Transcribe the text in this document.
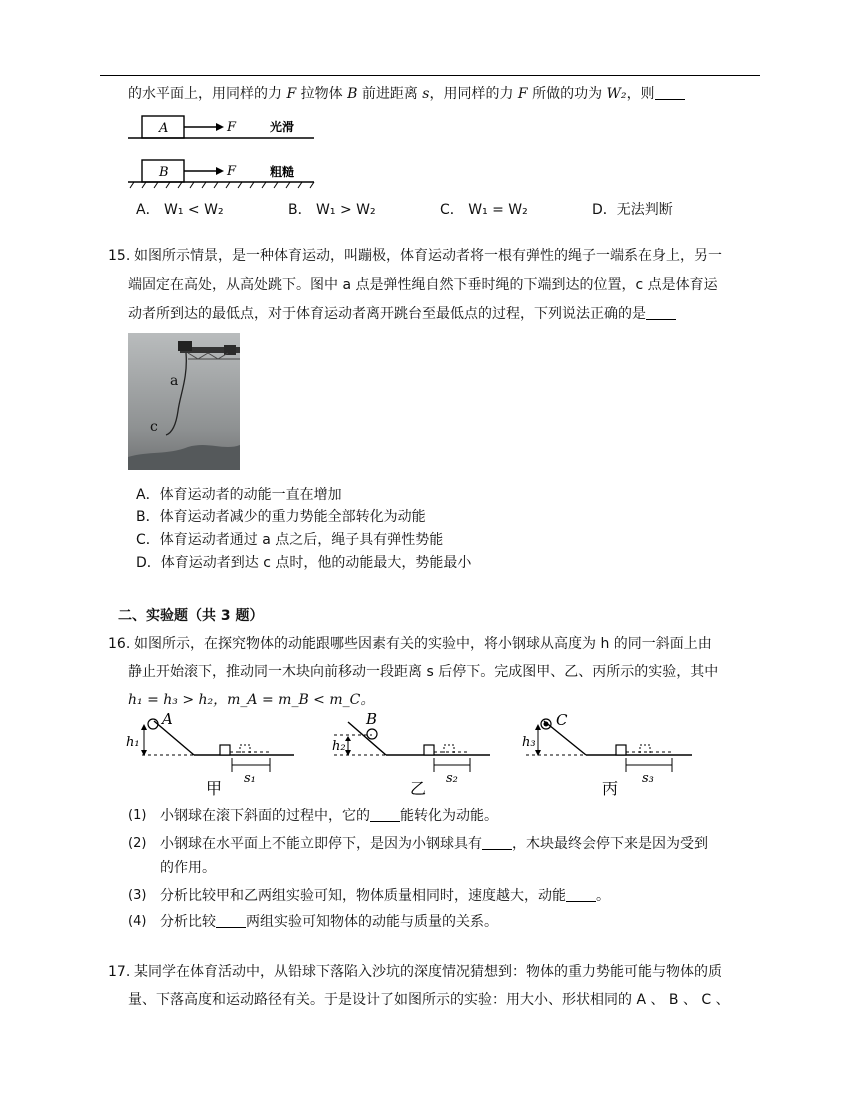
的水平面上，用同样的力 F 拉物体 B 前进距离 s，用同样的力 F 所做的功为 W₂，则
A	F	光滑
B	F	粗糙
A． W₁ < W₂	B． W₁ > W₂	C． W₁ = W₂	D．无法判断
15. 如图所示情景，是一种体育运动，叫蹦极，体育运动者将一根有弹性的绳子一端系在身上，另一
端固定在高处，从高处跳下。图中 a 点是弹性绳自然下垂时绳的下端到达的位置，c 点是体育运
动者所到达的最低点，对于体育运动者离开跳台至最低点的过程，下列说法正确的是
a
c
A．体育运动者的动能一直在增加
B．体育运动者减少的重力势能全部转化为动能
C．体育运动者通过 a 点之后，绳子具有弹性势能
D．体育运动者到达 c 点时，他的动能最大，势能最小
二、实验题（共 3 题）
16. 如图所示，在探究物体的动能跟哪些因素有关的实验中，将小钢球从高度为 h 的同一斜面上由
静止开始滚下，推动同一木块向前移动一段距离 s 后停下。完成图甲、乙、丙所示的实验，其中
h₁ = h₃ > h₂，m_A = m_B < m_C。
A
h₁
s₁
甲
B
h₂
s₂
乙
C
h₃
s₃
丙
(1) 小钢球在滚下斜面的过程中，它的 能转化为动能。
(2) 小钢球在水平面上不能立即停下，是因为小钢球具有 ，木块最终会停下来是因为受到
的作用。
(3) 分析比较甲和乙两组实验可知，物体质量相同时，速度越大，动能 。
(4) 分析比较 两组实验可知物体的动能与质量的关系。
17. 某同学在体育活动中，从铅球下落陷入沙坑的深度情况猜想到：物体的重力势能可能与物体的质
量、下落高度和运动路径有关。于是设计了如图所示的实验：用大小、形状相同的 A 、 B 、 C 、
